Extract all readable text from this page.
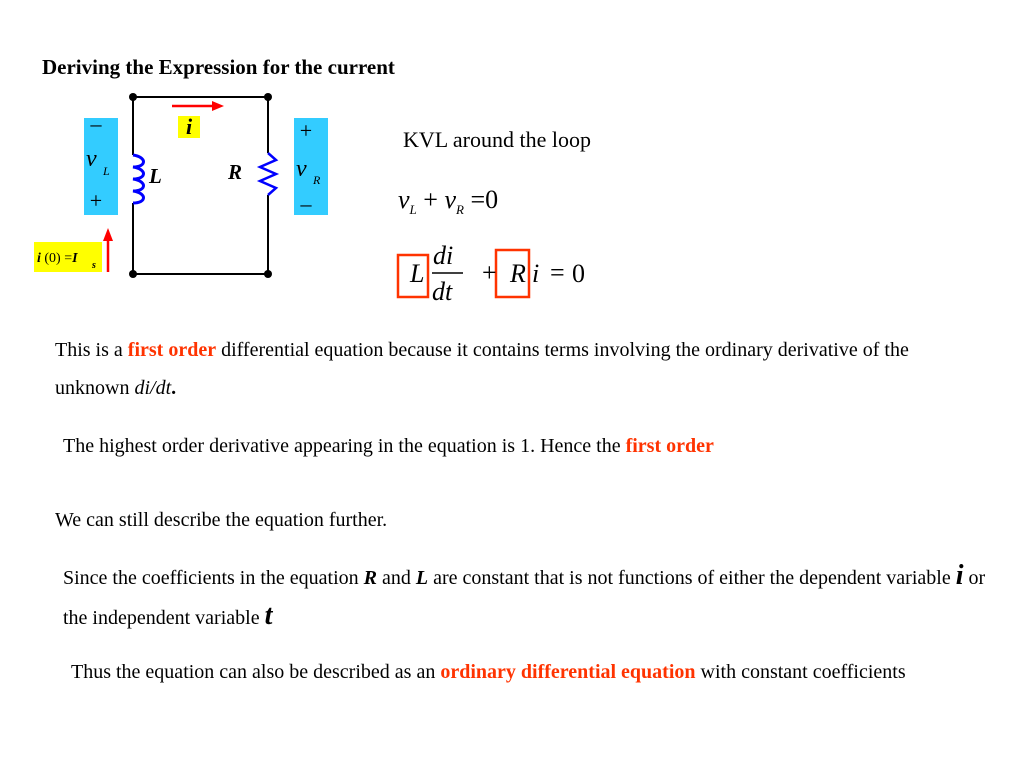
Deriving the Expression for the current
i
L	R
–
v L
+
+
v R
–
i (0) =I s	L
di
dt
+ R i = 0
KVL around the loop
$v_L + v_R =0$
This is a first order differential equation because it contains terms involving the ordinary derivative of the unknown di/dt.
The highest order derivative appearing in the equation is 1. Hence the first order
We can still describe the equation further.
Since the coefficients in the equation R and L are constant that is not functions of either the dependent variable i or the independent variable t
Thus the equation can also be described as an ordinary differential equation with constant coefficients
